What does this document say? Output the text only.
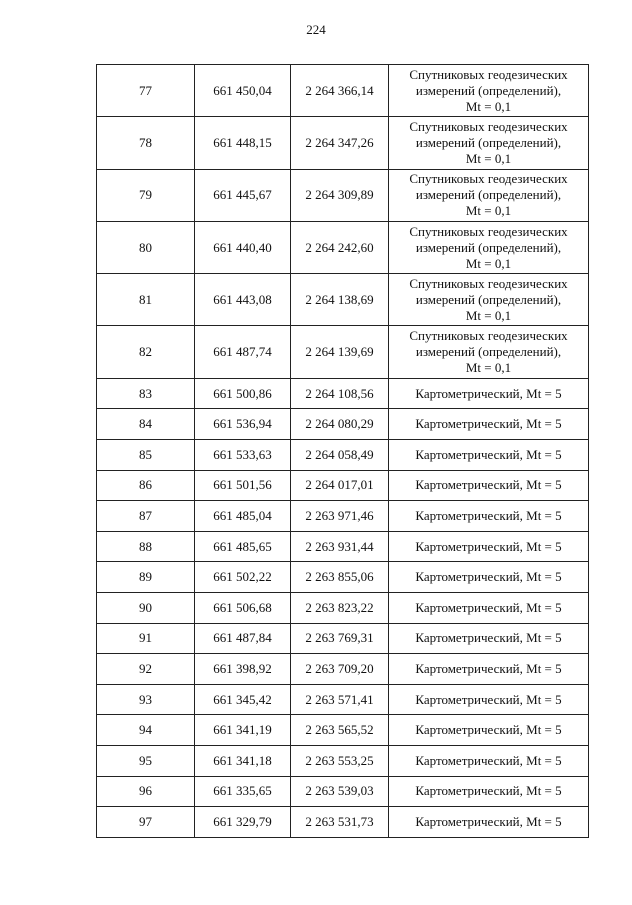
224
77	661 450,04	2 264 366,14	Спутниковых геодезических
измерений (определений),
Mt = 0,1
78	661 448,15	2 264 347,26	Спутниковых геодезических
измерений (определений),
Mt = 0,1
79	661 445,67	2 264 309,89	Спутниковых геодезических
измерений (определений),
Mt = 0,1
80	661 440,40	2 264 242,60	Спутниковых геодезических
измерений (определений),
Mt = 0,1
81	661 443,08	2 264 138,69	Спутниковых геодезических
измерений (определений),
Mt = 0,1
82	661 487,74	2 264 139,69	Спутниковых геодезических
измерений (определений),
Mt = 0,1
83	661 500,86	2 264 108,56	Картометрический, Mt = 5
84	661 536,94	2 264 080,29	Картометрический, Mt = 5
85	661 533,63	2 264 058,49	Картометрический, Mt = 5
86	661 501,56	2 264 017,01	Картометрический, Mt = 5
87	661 485,04	2 263 971,46	Картометрический, Mt = 5
88	661 485,65	2 263 931,44	Картометрический, Mt = 5
89	661 502,22	2 263 855,06	Картометрический, Mt = 5
90	661 506,68	2 263 823,22	Картометрический, Mt = 5
91	661 487,84	2 263 769,31	Картометрический, Mt = 5
92	661 398,92	2 263 709,20	Картометрический, Mt = 5
93	661 345,42	2 263 571,41	Картометрический, Mt = 5
94	661 341,19	2 263 565,52	Картометрический, Mt = 5
95	661 341,18	2 263 553,25	Картометрический, Mt = 5
96	661 335,65	2 263 539,03	Картометрический, Mt = 5
97	661 329,79	2 263 531,73	Картометрический, Mt = 5
